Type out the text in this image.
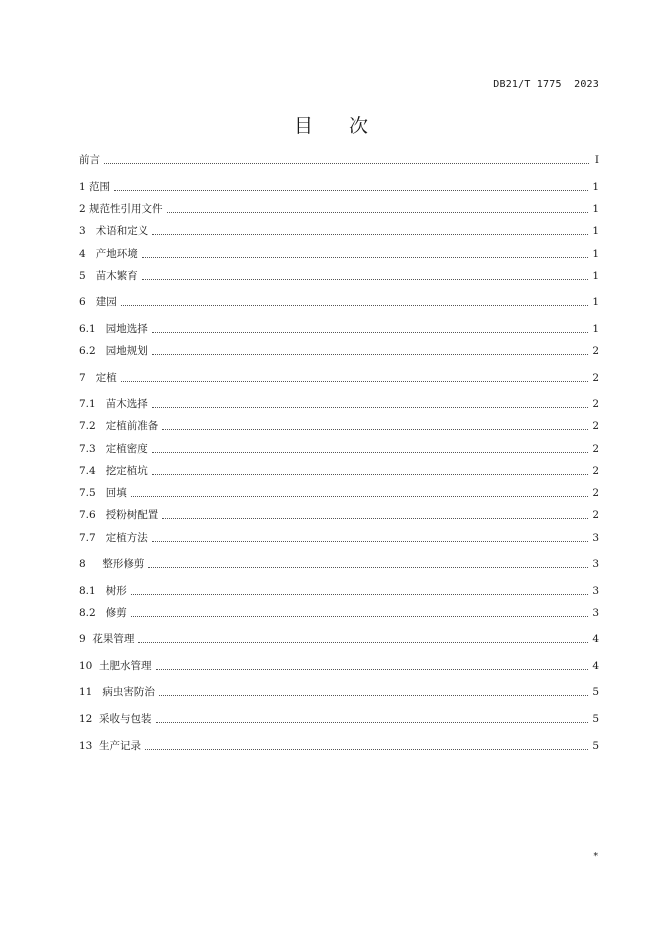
DB21/T 1775  2023
目次
前言	I
1 范围	1
2 规范性引用文件	1
3 术语和定义	1
4 产地环境	1
5 苗木繁育	1
6 建园	1
6.1 园地选择	1
6.2 园地规划	2
7 定植	2
7.1 苗木选择	2
7.2 定植前准备	2
7.3 定植密度	2
7.4 挖定植坑	2
7.5 回填	2
7.6 授粉树配置	2
7.7 定植方法	3
8 整形修剪	3
8.1 树形	3
8.2 修剪	3
9 花果管理	4
10 土肥水管理	4
11 病虫害防治	5
12 采收与包装	5
13 生产记录	5
*
